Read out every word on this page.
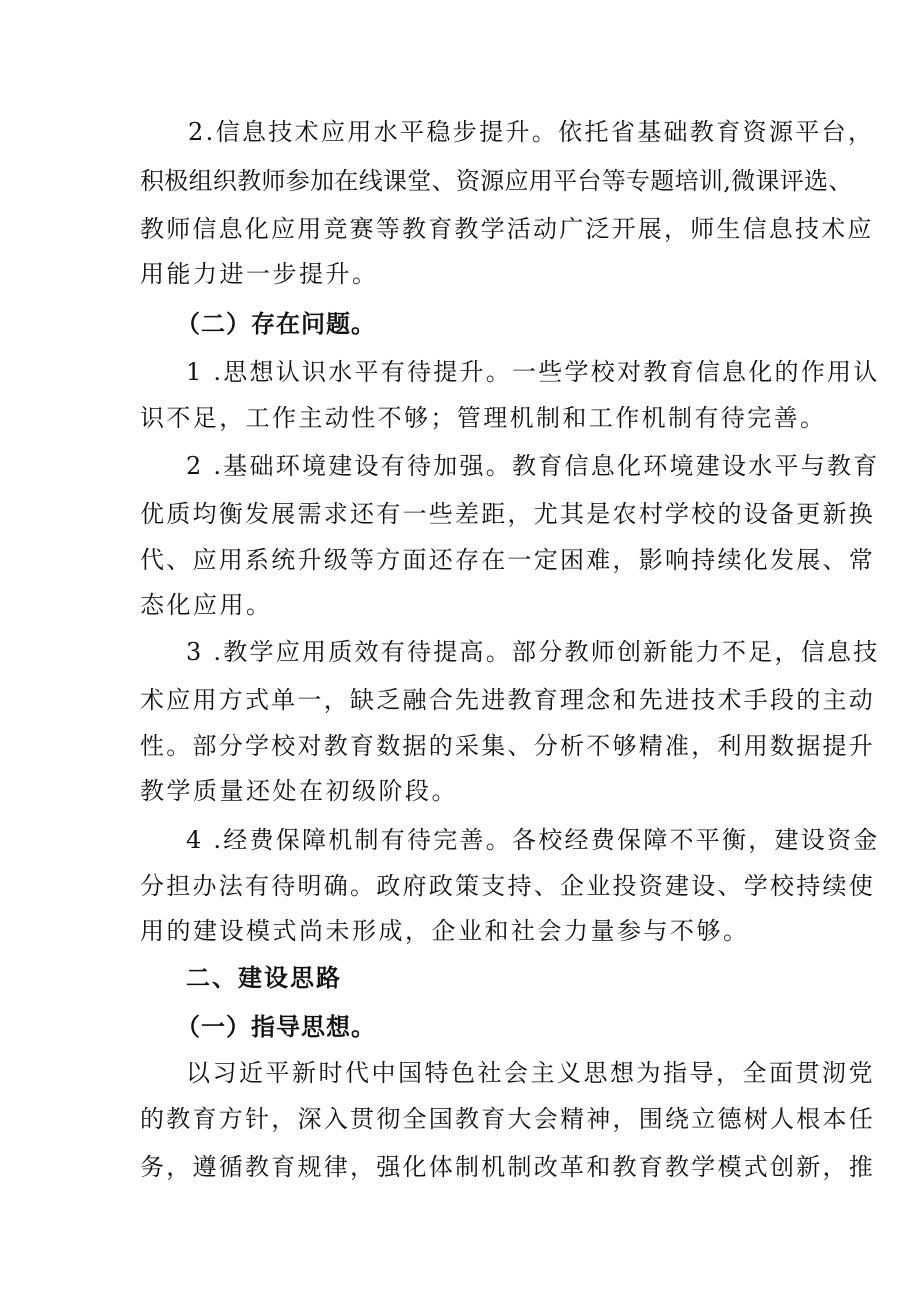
2.信息技术应用水平稳步提升。依托省基础教育资源平台，
积极组织教师参加在线课堂、资源应用平台等专题培训,微课评选、
教师信息化应用竞赛等教育教学活动广泛开展，师生信息技术应
用能力进一步提升。
（二）存在问题。
1 .思想认识水平有待提升。一些学校对教育信息化的作用认
识不足，工作主动性不够；管理机制和工作机制有待完善。
2 .基础环境建设有待加强。教育信息化环境建设水平与教育
优质均衡发展需求还有一些差距，尤其是农村学校的设备更新换
代、应用系统升级等方面还存在一定困难，影响持续化发展、常
态化应用。
3 .教学应用质效有待提高。部分教师创新能力不足，信息技
术应用方式单一，缺乏融合先进教育理念和先进技术手段的主动
性。部分学校对教育数据的采集、分析不够精准，利用数据提升
教学质量还处在初级阶段。
4 .经费保障机制有待完善。各校经费保障不平衡，建设资金
分担办法有待明确。政府政策支持、企业投资建设、学校持续使
用的建设模式尚未形成，企业和社会力量参与不够。
二、建设思路
（一）指导思想。
以习近平新时代中国特色社会主义思想为指导，全面贯沏党
的教育方针，深入贯彻全国教育大会精神，围绕立德树人根本任
务，遵循教育规律，强化体制机制改革和教育教学模式创新，推
